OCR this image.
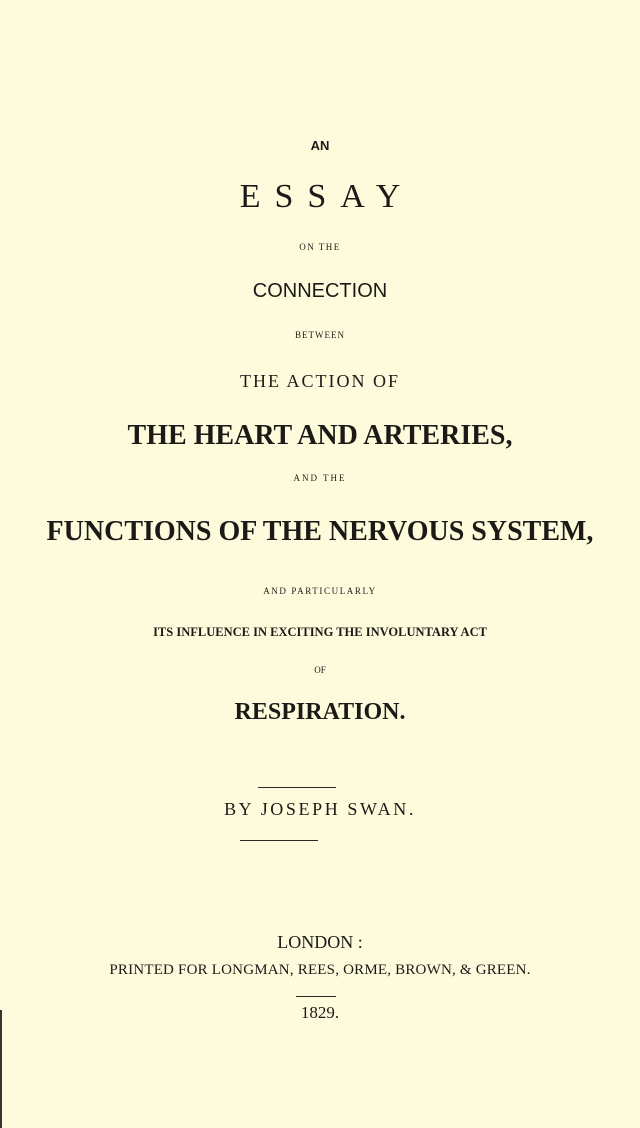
AN
ESSAY
ON THE
CONNECTION
BETWEEN
THE ACTION OF
THE HEART AND ARTERIES,
AND THE
FUNCTIONS OF THE NERVOUS SYSTEM,
AND PARTICULARLY
ITS INFLUENCE IN EXCITING THE INVOLUNTARY ACT
OF
RESPIRATION.
BY JOSEPH SWAN.
LONDON :
PRINTED FOR LONGMAN, REES, ORME, BROWN, & GREEN.
1829.
